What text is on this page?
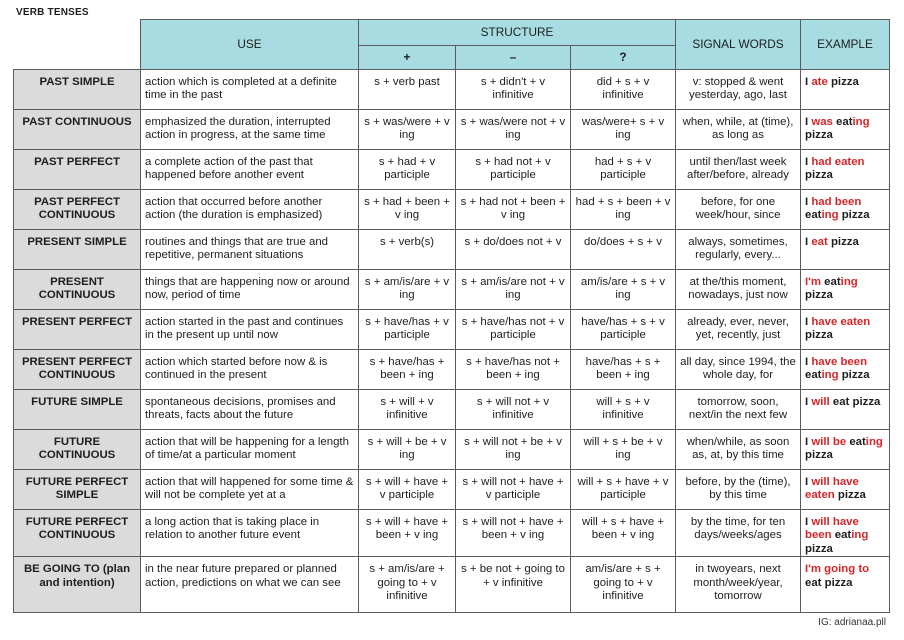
VERB TENSES
	USE	STRUCTURE			SIGNAL WORDS	EXAMPLE
		+	–	?		
PAST SIMPLE	action which is completed at a definite time in the past	s + verb past	s + didn't + v infinitive	did + s + v infinitive	v: stopped & went yesterday, ago, last	I ate pizza
PAST CONTINUOUS	emphasized the duration, interrupted action in progress, at the same time	s + was/were + v ing	s + was/were not + v ing	was/were+ s + v ing	when, while, at (time), as long as	I was eating pizza
PAST PERFECT	a complete action of the past that happened before another event	s + had + v participle	s + had not + v participle	had + s + v participle	until then/last week after/before, already	I had eaten pizza
PAST PERFECT CONTINUOUS	action that occurred before another action (the duration is emphasized)	s + had + been + v ing	s + had not + been + v ing	had + s + been + v ing	before, for one week/hour, since	I had been eating pizza
PRESENT SIMPLE	routines and things that are true and repetitive, permanent situations	s + verb(s)	s + do/does not + v	do/does + s + v	always, sometimes, regularly, every...	I eat pizza
PRESENT CONTINUOUS	things that are happening now or around now, period of time	s + am/is/are + v ing	s + am/is/are not + v ing	am/is/are + s + v ing	at the/this moment, nowadays, just now	I'm eating pizza
PRESENT PERFECT	action started in the past and continues in the present up until now	s + have/has + v participle	s + have/has not + v participle	have/has + s + v participle	already, ever, never, yet, recently, just	I have eaten pizza
PRESENT PERFECT CONTINUOUS	action which started before now & is continued in the present	s + have/has + been + ing	s + have/has not + been + ing	have/has + s + been + ing	all day, since 1994, the whole day, for	I have been eating pizza
FUTURE SIMPLE	spontaneous decisions, promises and threats, facts about the future	s + will + v infinitive	s + will not + v infinitive	will + s + v infinitive	tomorrow, soon, next/in the next few	I will eat pizza
FUTURE CONTINUOUS	action that will be happening for a length of time/at a particular moment	s + will + be + v ing	s + will not + be + v ing	will + s + be + v ing	when/while, as soon as, at, by this time	I will be eating pizza
FUTURE PERFECT SIMPLE	action that will happened for some time & will not be complete yet at a	s + will + have + v participle	s + will not + have + v participle	will + s + have + v participle	before, by the (time), by this time	I will have eaten pizza
FUTURE PERFECT CONTINUOUS	a long action that is taking place in relation to another future event	s + will + have + been + v ing	s + will not + have + been + v ing	will + s + have + been + v ing	by the time, for ten days/weeks/ages	I will have been eating pizza
BE GOING TO (plan and intention)	in the near future prepared or planned action, predictions on what we can see	s + am/is/are + going to + v infinitive	s + be not + going to + v infinitive	am/is/are + s + going to + v infinitive	in twoyears, next month/week/year, tomorrow	I'm going to eat pizza
IG: adrianaa.pll
